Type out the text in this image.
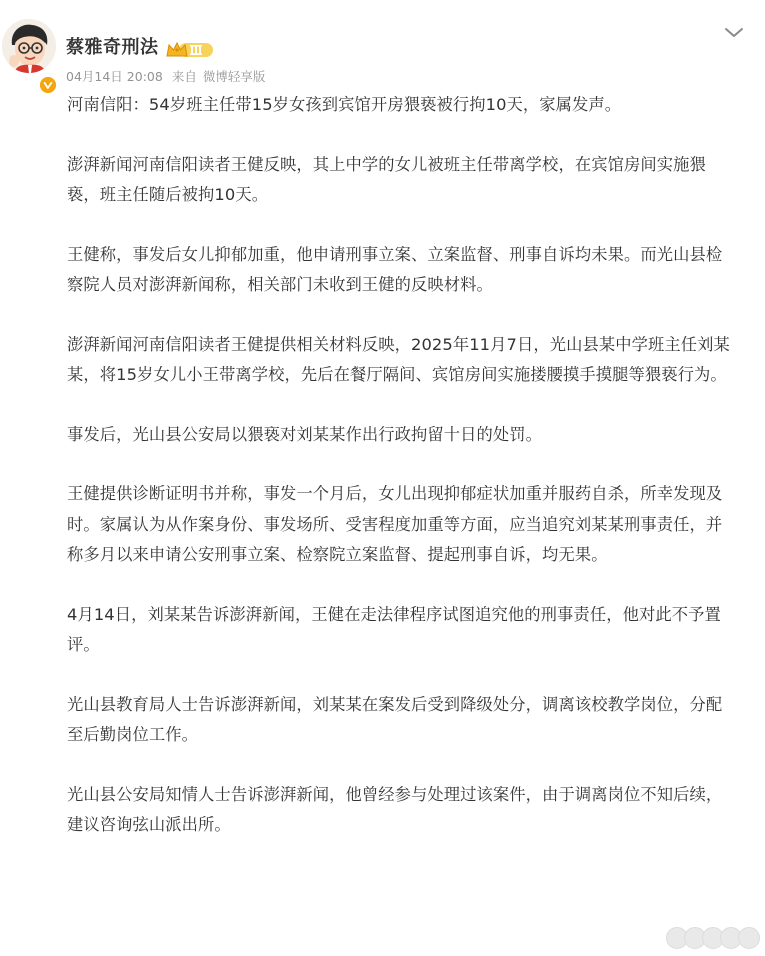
蔡雅奇刑法
04月14日 20:08 来自 微博轻享版

河南信阳：54岁班主任带15岁女孩到宾馆开房猥亵被行拘10天，家属发声。

澎湃新闻河南信阳读者王健反映，其上中学的女儿被班主任带离学校，在宾馆房间实施猥亵，班主任随后被拘10天。

王健称，事发后女儿抑郁加重，他申请刑事立案、立案监督、刑事自诉均未果。而光山县检察院人员对澎湃新闻称，相关部门未收到王健的反映材料。

澎湃新闻河南信阳读者王健提供相关材料反映，2025年11月7日，光山县某中学班主任刘某某，将15岁女儿小王带离学校，先后在餐厅隔间、宾馆房间实施搂腰摸手摸腿等猥亵行为。

事发后，光山县公安局以猥亵对刘某某作出行政拘留十日的处罚。

王健提供诊断证明书并称，事发一个月后，女儿出现抑郁症状加重并服药自杀，所幸发现及时。家属认为从作案身份、事发场所、受害程度加重等方面，应当追究刘某某刑事责任，并称多月以来申请公安刑事立案、检察院立案监督、提起刑事自诉，均无果。

4月14日，刘某某告诉澎湃新闻，王健在走法律程序试图追究他的刑事责任，他对此不予置评。

光山县教育局人士告诉澎湃新闻，刘某某在案发后受到降级处分，调离该校教学岗位，分配至后勤岗位工作。

光山县公安局知情人士告诉澎湃新闻，他曾经参与处理过该案件，由于调离岗位不知后续，建议咨询弦山派出所。
